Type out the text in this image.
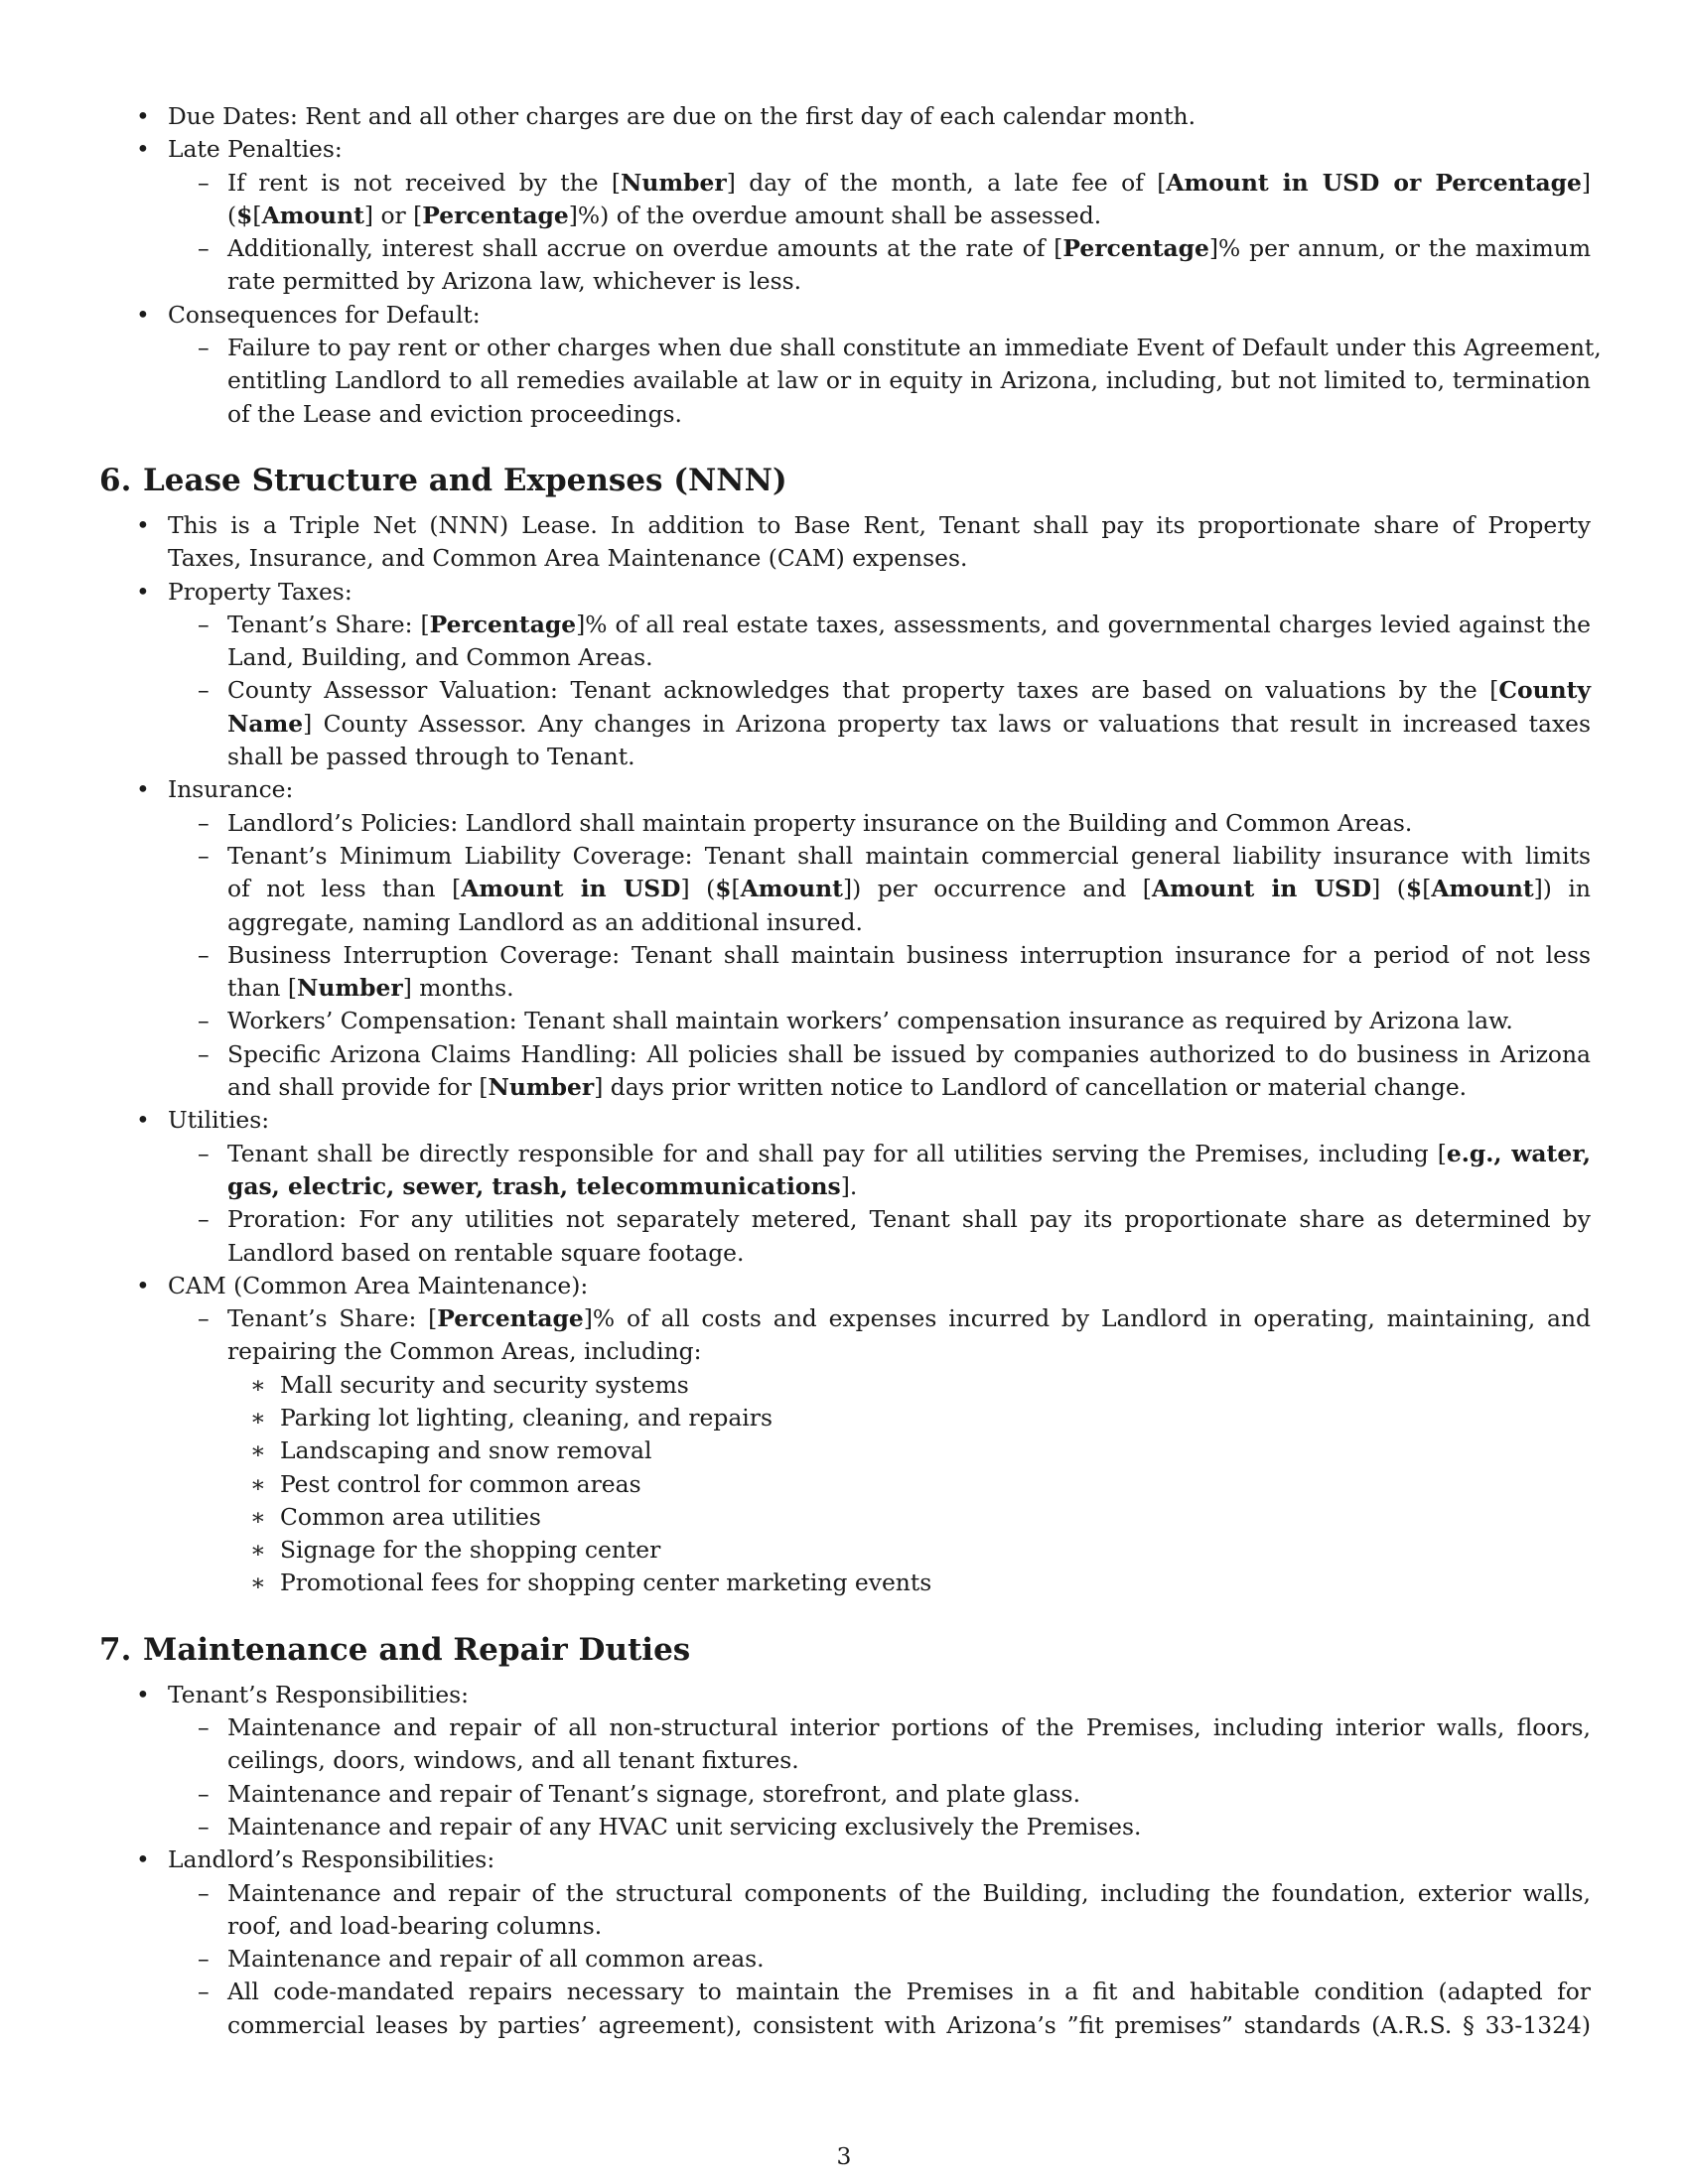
• Due Dates: Rent and all other charges are due on the first day of each calendar month.
• Late Penalties:
– If rent is not received by the [Number] day of the month, a late fee of [Amount in USD or Percentage]
($[Amount] or [Percentage]%) of the overdue amount shall be assessed.
– Additionally, interest shall accrue on overdue amounts at the rate of [Percentage]% per annum, or the maximum
rate permitted by Arizona law, whichever is less.
• Consequences for Default:
– Failure to pay rent or other charges when due shall constitute an immediate Event of Default under this Agreement,
entitling Landlord to all remedies available at law or in equity in Arizona, including, but not limited to, termination
of the Lease and eviction proceedings.
6. Lease Structure and Expenses (NNN)
• This is a Triple Net (NNN) Lease. In addition to Base Rent, Tenant shall pay its proportionate share of Property
Taxes, Insurance, and Common Area Maintenance (CAM) expenses.
• Property Taxes:
– Tenant’s Share: [Percentage]% of all real estate taxes, assessments, and governmental charges levied against the
Land, Building, and Common Areas.
– County Assessor Valuation: Tenant acknowledges that property taxes are based on valuations by the [County
Name] County Assessor. Any changes in Arizona property tax laws or valuations that result in increased taxes
shall be passed through to Tenant.
• Insurance:
– Landlord’s Policies: Landlord shall maintain property insurance on the Building and Common Areas.
– Tenant’s Minimum Liability Coverage: Tenant shall maintain commercial general liability insurance with limits
of not less than [Amount in USD] ($[Amount]) per occurrence and [Amount in USD] ($[Amount]) in
aggregate, naming Landlord as an additional insured.
– Business Interruption Coverage: Tenant shall maintain business interruption insurance for a period of not less
than [Number] months.
– Workers’ Compensation: Tenant shall maintain workers’ compensation insurance as required by Arizona law.
– Specific Arizona Claims Handling: All policies shall be issued by companies authorized to do business in Arizona
and shall provide for [Number] days prior written notice to Landlord of cancellation or material change.
• Utilities:
– Tenant shall be directly responsible for and shall pay for all utilities serving the Premises, including [e.g., water,
gas, electric, sewer, trash, telecommunications].
– Proration: For any utilities not separately metered, Tenant shall pay its proportionate share as determined by
Landlord based on rentable square footage.
• CAM (Common Area Maintenance):
– Tenant’s Share: [Percentage]% of all costs and expenses incurred by Landlord in operating, maintaining, and
repairing the Common Areas, including:
∗ Mall security and security systems
∗ Parking lot lighting, cleaning, and repairs
∗ Landscaping and snow removal
∗ Pest control for common areas
∗ Common area utilities
∗ Signage for the shopping center
∗ Promotional fees for shopping center marketing events
7. Maintenance and Repair Duties
• Tenant’s Responsibilities:
– Maintenance and repair of all non-structural interior portions of the Premises, including interior walls, floors,
ceilings, doors, windows, and all tenant fixtures.
– Maintenance and repair of Tenant’s signage, storefront, and plate glass.
– Maintenance and repair of any HVAC unit servicing exclusively the Premises.
• Landlord’s Responsibilities:
– Maintenance and repair of the structural components of the Building, including the foundation, exterior walls,
roof, and load-bearing columns.
– Maintenance and repair of all common areas.
– All code-mandated repairs necessary to maintain the Premises in a fit and habitable condition (adapted for
commercial leases by parties’ agreement), consistent with Arizona’s ”fit premises” standards (A.R.S. § 33-1324)
3
